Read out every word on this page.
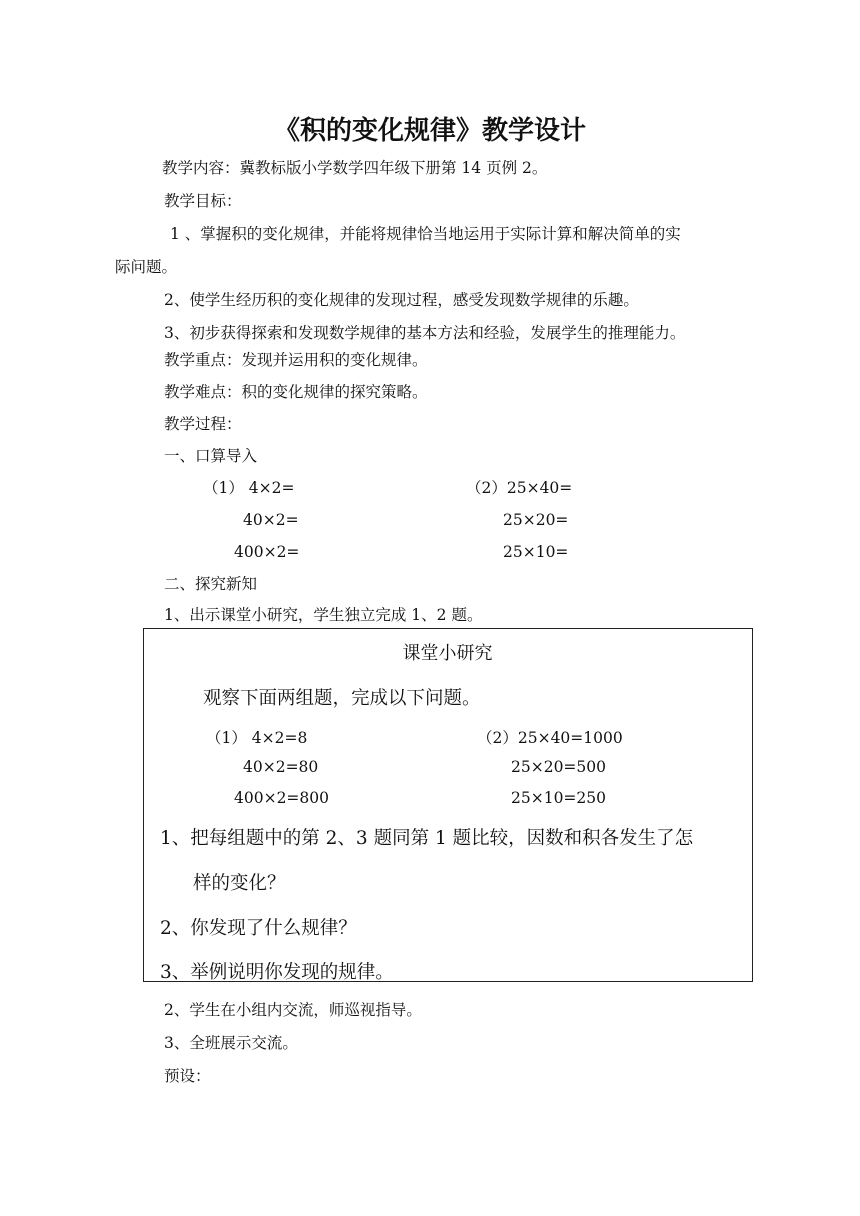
《积的变化规律》教学设计
教学内容：冀教标版小学数学四年级下册第 14 页例 2。
教学目标：
1 、掌握积的变化规律，并能将规律恰当地运用于实际计算和解决简单的实
际问题。
2、使学生经历积的变化规律的发现过程，感受发现数学规律的乐趣。
3、初步获得探索和发现数学规律的基本方法和经验，发展学生的推理能力。
教学重点：发现并运用积的变化规律。
教学难点：积的变化规律的探究策略。
教学过程：
一、口算导入
（1） 4×2=
40×2=
400×2=
（2）25×40=
25×20=
25×10=
二、探究新知
1、出示课堂小研究，学生独立完成 1、2 题。
课堂小研究
观察下面两组题，完成以下问题。
（1） 4×2=8
40×2=80
400×2=800
（2）25×40=1000
25×20=500
25×10=250
1、把每组题中的第 2、3 题同第 1 题比较，因数和积各发生了怎
样的变化？
2、你发现了什么规律？
3、举例说明你发现的规律。
2、学生在小组内交流，师巡视指导。
3、全班展示交流。
预设：
